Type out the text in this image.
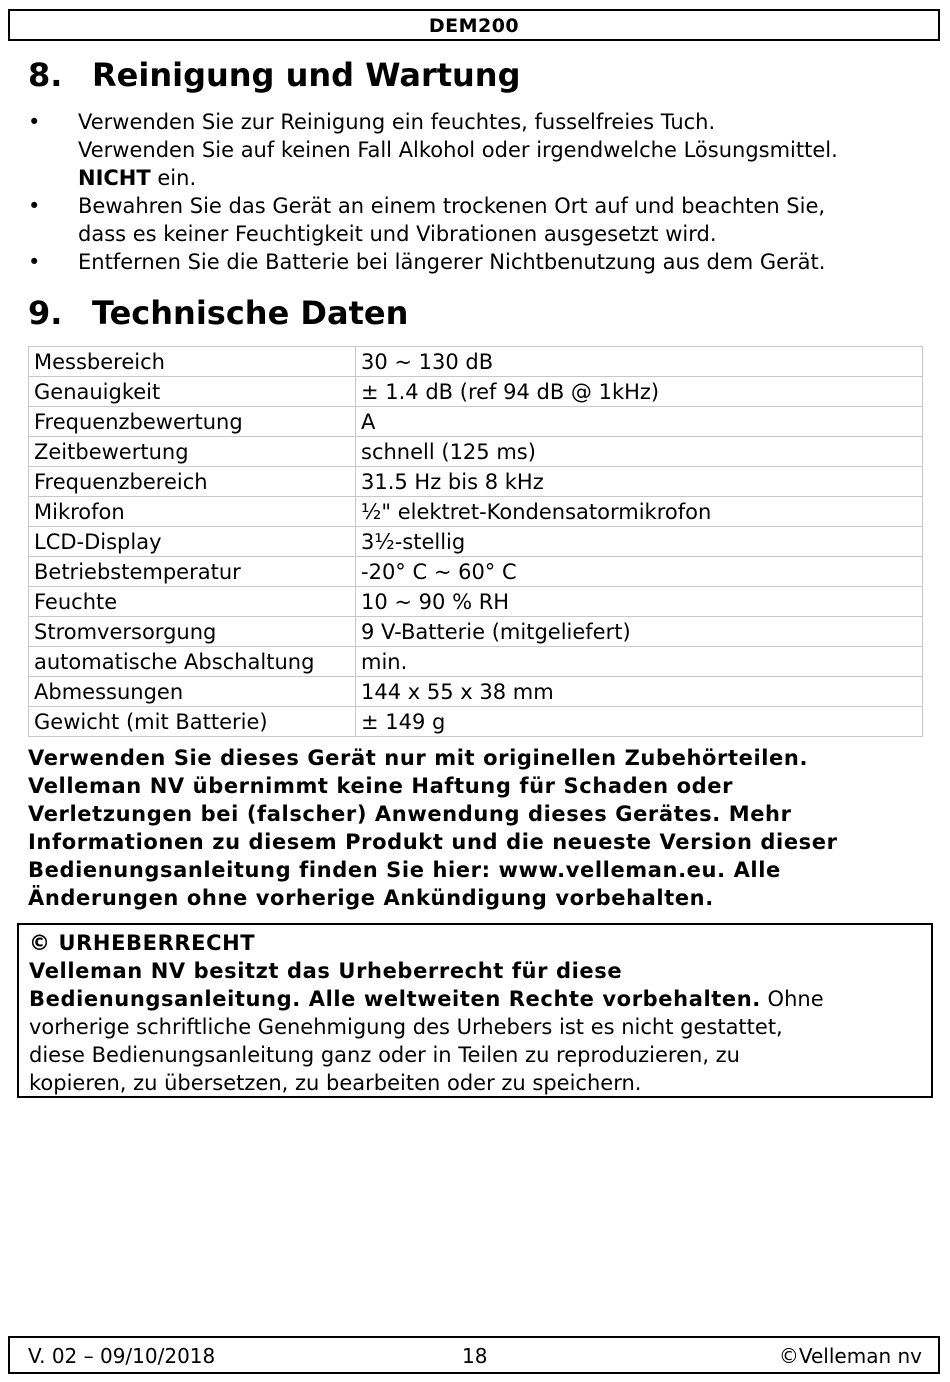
DEM200
8. Reinigung und Wartung
• Verwenden Sie zur Reinigung ein feuchtes, fusselfreies Tuch.
Verwenden Sie auf keinen Fall Alkohol oder irgendwelche Lösungsmittel.
NICHT ein.
• Bewahren Sie das Gerät an einem trockenen Ort auf und beachten Sie,
dass es keiner Feuchtigkeit und Vibrationen ausgesetzt wird.
• Entfernen Sie die Batterie bei längerer Nichtbenutzung aus dem Gerät.
9. Technische Daten
Messbereich	30 ~ 130 dB
Genauigkeit	± 1.4 dB (ref 94 dB @ 1kHz)
Frequenzbewertung	A
Zeitbewertung	schnell (125 ms)
Frequenzbereich	31.5 Hz bis 8 kHz
Mikrofon	½" elektret-Kondensatormikrofon
LCD-Display	3½-stellig
Betriebstemperatur	-20° C ~ 60° C
Feuchte	10 ~ 90 % RH
Stromversorgung	9 V-Batterie (mitgeliefert)
automatische Abschaltung	min.
Abmessungen	144 x 55 x 38 mm
Gewicht (mit Batterie)	± 149 g
Verwenden Sie dieses Gerät nur mit originellen Zubehörteilen.
Velleman NV übernimmt keine Haftung für Schaden oder
Verletzungen bei (falscher) Anwendung dieses Gerätes. Mehr
Informationen zu diesem Produkt und die neueste Version dieser
Bedienungsanleitung finden Sie hier: www.velleman.eu. Alle
Änderungen ohne vorherige Ankündigung vorbehalten.
© URHEBERRECHT
Velleman NV besitzt das Urheberrecht für diese
Bedienungsanleitung. Alle weltweiten Rechte vorbehalten. Ohne
vorherige schriftliche Genehmigung des Urhebers ist es nicht gestattet,
diese Bedienungsanleitung ganz oder in Teilen zu reproduzieren, zu
kopieren, zu übersetzen, zu bearbeiten oder zu speichern.
V. 02 – 09/10/2018	18	©Velleman nv
